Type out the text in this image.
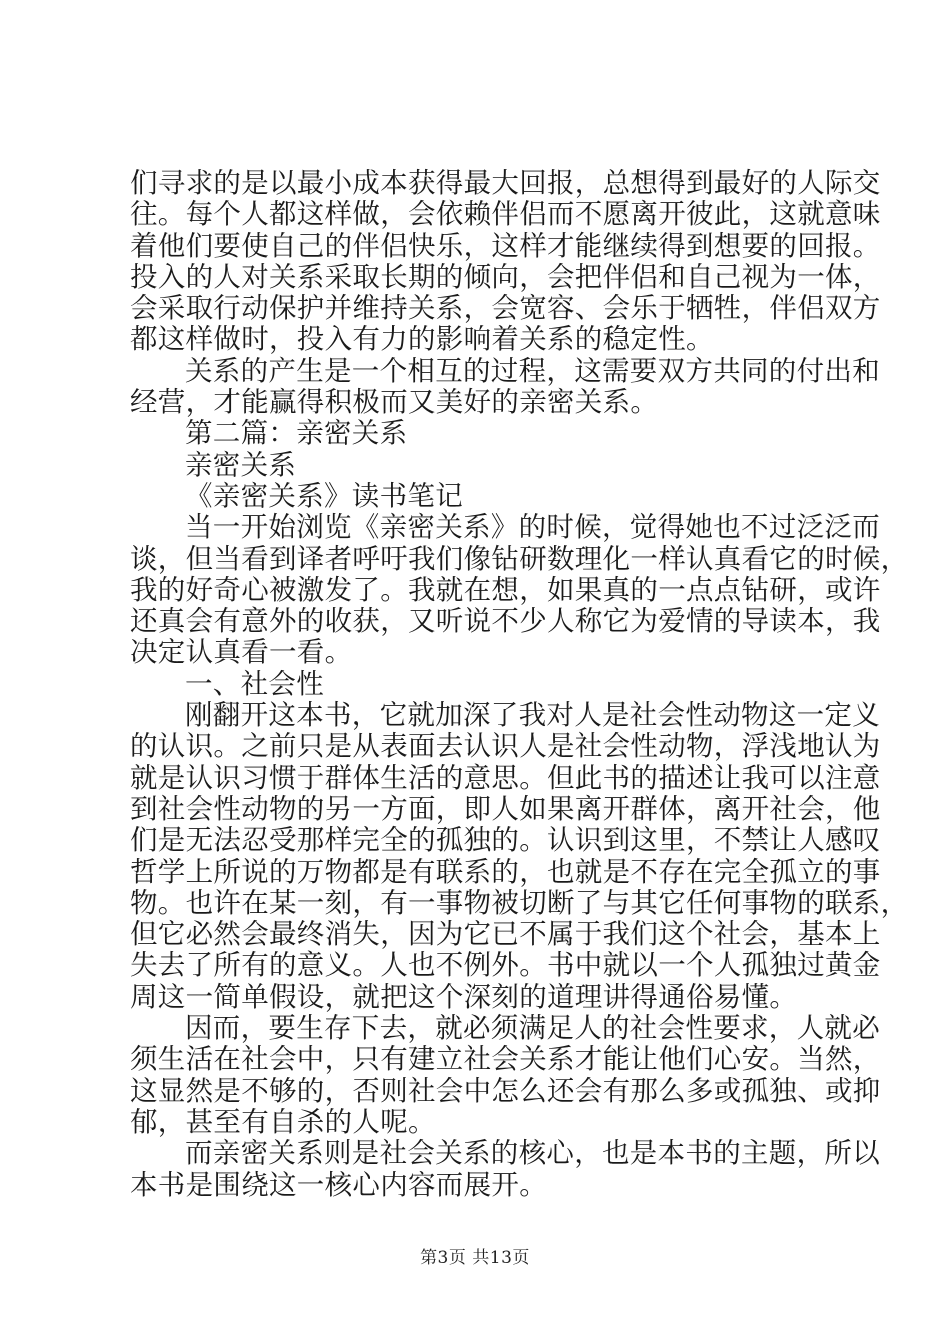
们寻求的是以最小成本获得最大回报，总想得到最好的人际交
往。每个人都这样做，会依赖伴侣而不愿离开彼此，这就意味
着他们要使自己的伴侣快乐，这样才能继续得到想要的回报。
投入的人对关系采取长期的倾向，会把伴侣和自己视为一体，
会采取行动保护并维持关系，会宽容、会乐于牺牲，伴侣双方
都这样做时，投入有力的影响着关系的稳定性。
关系的产生是一个相互的过程，这需要双方共同的付出和
经营，才能赢得积极而又美好的亲密关系。
第二篇：亲密关系
亲密关系
《亲密关系》读书笔记
当一开始浏览《亲密关系》的时候，觉得她也不过泛泛而
谈，但当看到译者呼吁我们像钻研数理化一样认真看它的时候，
我的好奇心被激发了。我就在想，如果真的一点点钻研，或许
还真会有意外的收获，又听说不少人称它为爱情的导读本，我
决定认真看一看。
一、社会性
刚翻开这本书，它就加深了我对人是社会性动物这一定义
的认识。之前只是从表面去认识人是社会性动物，浮浅地认为
就是认识习惯于群体生活的意思。但此书的描述让我可以注意
到社会性动物的另一方面，即人如果离开群体，离开社会，他
们是无法忍受那样完全的孤独的。认识到这里，不禁让人感叹
哲学上所说的万物都是有联系的，也就是不存在完全孤立的事
物。也许在某一刻，有一事物被切断了与其它任何事物的联系，
但它必然会最终消失，因为它已不属于我们这个社会，基本上
失去了所有的意义。人也不例外。书中就以一个人孤独过黄金
周这一简单假设，就把这个深刻的道理讲得通俗易懂。
因而，要生存下去，就必须满足人的社会性要求，人就必
须生活在社会中，只有建立社会关系才能让他们心安。当然，
这显然是不够的，否则社会中怎么还会有那么多或孤独、或抑
郁，甚至有自杀的人呢。
而亲密关系则是社会关系的核心，也是本书的主题，所以
本书是围绕这一核心内容而展开。
第3页 共13页
